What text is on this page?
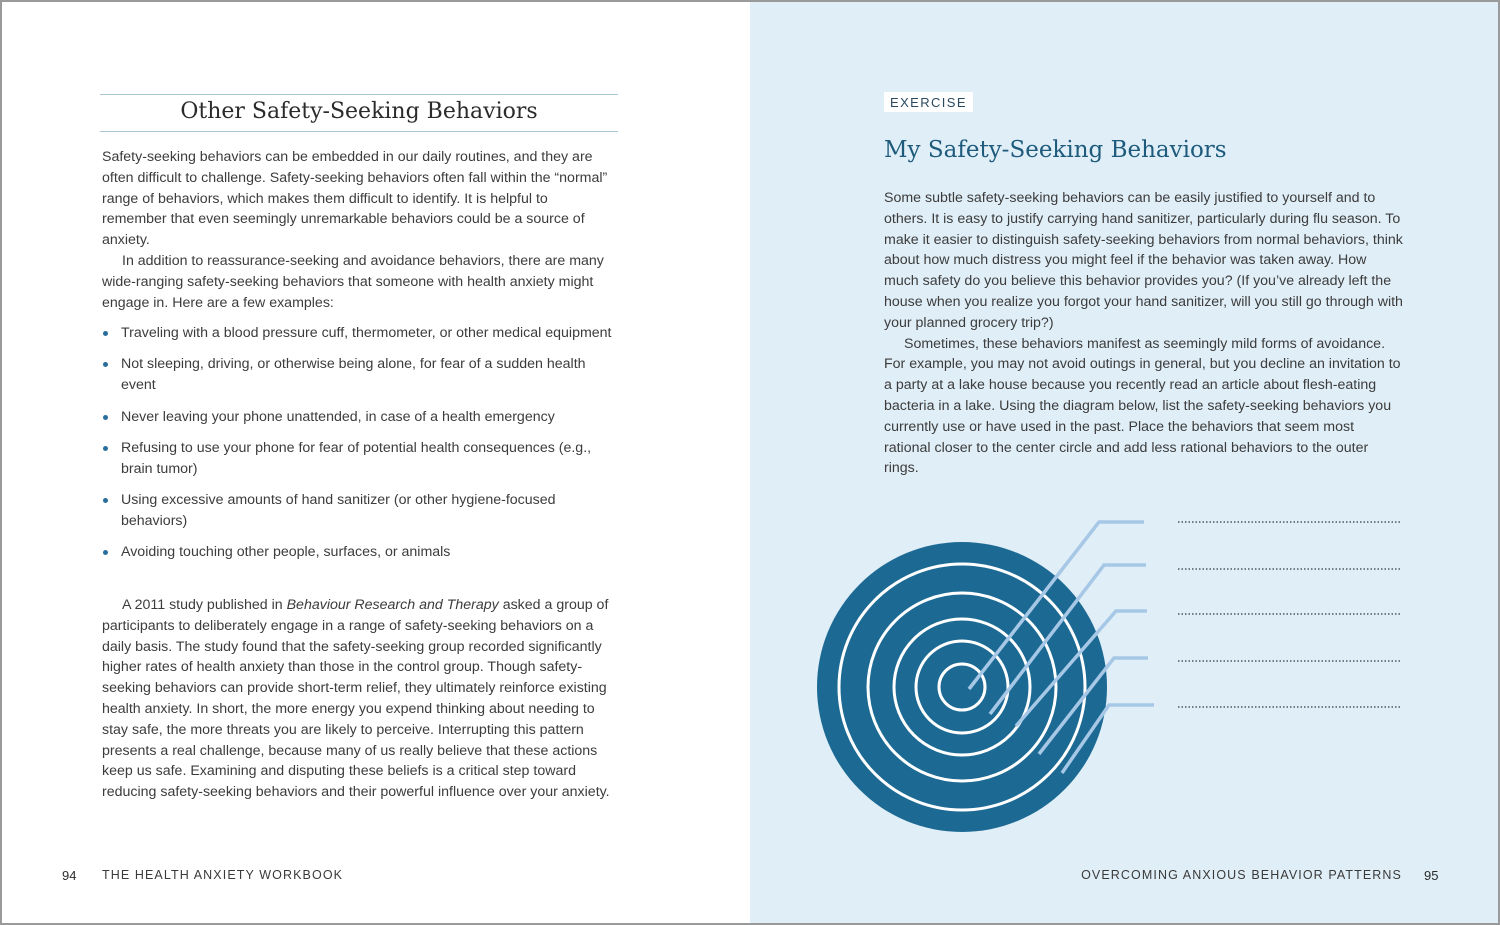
Other Safety-Seeking Behaviors

Safety-seeking behaviors can be embedded in our daily routines, and they are often difficult to challenge. Safety-seeking behaviors often fall within the “normal” range of behaviors, which makes them difficult to identify. It is helpful to remember that even seemingly unremarkable behaviors could be a source of anxiety.

In addition to reassurance-seeking and avoidance behaviors, there are many wide-ranging safety-seeking behaviors that someone with health anxiety might engage in. Here are a few examples:

Traveling with a blood pressure cuff, thermometer, or other medical equipment
Not sleeping, driving, or otherwise being alone, for fear of a sudden health event
Never leaving your phone unattended, in case of a health emergency
Refusing to use your phone for fear of potential health consequences (e.g., brain tumor)
Using excessive amounts of hand sanitizer (or other hygiene-focused behaviors)
Avoiding touching other people, surfaces, or animals

A 2011 study published in Behaviour Research and Therapy asked a group of participants to deliberately engage in a range of safety-seeking behaviors on a daily basis. The study found that the safety-seeking group recorded significantly higher rates of health anxiety than those in the control group. Though safety-seeking behaviors can provide short-term relief, they ultimately reinforce existing health anxiety. In short, the more energy you expend thinking about needing to stay safe, the more threats you are likely to perceive. Interrupting this pattern presents a real challenge, because many of us really believe that these actions keep us safe. Examining and disputing these beliefs is a critical step toward reducing safety-seeking behaviors and their powerful influence over your anxiety.

94 THE HEALTH ANXIETY WORKBOOK
EXERCISE
My Safety-Seeking Behaviors

Some subtle safety-seeking behaviors can be easily justified to yourself and to others. It is easy to justify carrying hand sanitizer, particularly during flu season. To make it easier to distinguish safety-seeking behaviors from normal behaviors, think about how much distress you might feel if the behavior was taken away. How much safety do you believe this behavior provides you? (If you’ve already left the house when you realize you forgot your hand sanitizer, will you still go through with your planned grocery trip?)

Sometimes, these behaviors manifest as seemingly mild forms of avoidance. For example, you may not avoid outings in general, but you decline an invitation to a party at a lake house because you recently read an article about flesh-eating bacteria in a lake. Using the diagram below, list the safety-seeking behaviors you currently use or have used in the past. Place the behaviors that seem most rational closer to the center circle and add less rational behaviors to the outer rings.

OVERCOMING ANXIOUS BEHAVIOR PATTERNS 95
